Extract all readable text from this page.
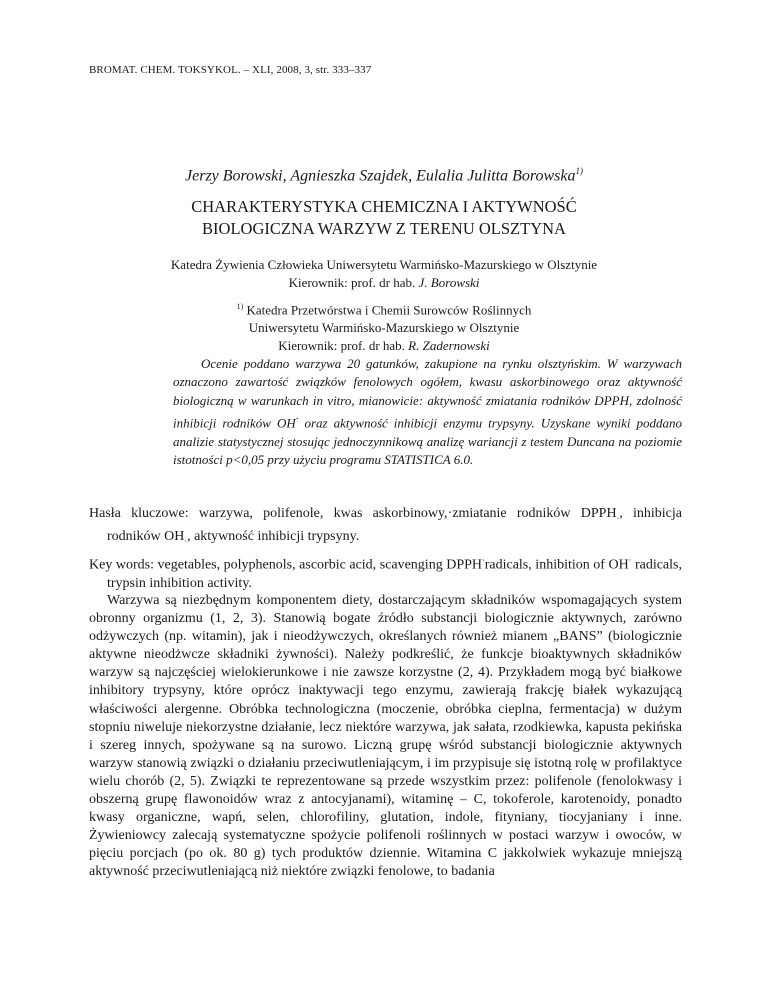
BROMAT. CHEM. TOKSYKOL. – XLI, 2008, 3, str. 333–337
Jerzy Borowski, Agnieszka Szajdek, Eulalia Julitta Borowska$^{1)}$
CHARAKTERYSTYKA CHEMICZNA I AKTYWNOŚĆ
BIOLOGICZNA WARZYW Z TERENU OLSZTYNA
Katedra Żywienia Człowieka Uniwersytetu Warmińsko-Mazurskiego w Olsztynie
Kierownik: prof. dr hab. J. Borowski
$^{1)}$ Katedra Przetwórstwa i Chemii Surowców Roślinnych
Uniwersytetu Warmińsko-Mazurskiego w Olsztynie
Kierownik: prof. dr hab. R. Zadernowski

Ocenie poddano warzywa 20 gatunków, zakupione na rynku olsztyńskim. W warzywach oznaczono zawartość związków fenolowych ogółem, kwasu askorbinowego oraz aktywność biologiczną w warunkach in vitro, mianowicie: aktywność zmiatania rodników DPPH, zdolność inhibicji rodników OH· oraz aktywność inhibicji enzymu trypsyny. Uzyskane wyniki poddano analizie statystycznej stosując jednoczynnikową analizę wariancji z testem Duncana na poziomie istotności p<0,05 przy użyciu programu STATISTICA 6.0.

Hasła kluczowe: warzywa, polifenole, kwas askorbinowy,·zmiatanie rodników $DPPH_\cdot$, inhibicja rodników $OH_\cdot$, aktywność inhibicji trypsyny.

Key words: vegetables, polyphenols, ascorbic acid, scavenging DPPH·radicals, inhibition of OH· radicals, trypsin inhibition activity.

Warzywa są niezbędnym komponentem diety, dostarczającym składników wspomagających system obronny organizmu (1, 2, 3). Stanowią bogate źródło substancji biologicznie aktywnych, zarówno odżywczych (np. witamin), jak i nieodżywczych, określanych również mianem „BANS” (biologicznie aktywne nieodżwcze składniki żywności). Należy podkreślić, że funkcje bioaktywnych składników warzyw są najczęściej wielokierunkowe i nie zawsze korzystne (2, 4). Przykładem mogą być białkowe inhibitory trypsyny, które oprócz inaktywacji tego enzymu, zawierają frakcję białek wykazującą właściwości alergenne. Obróbka technologiczna (moczenie, obróbka cieplna, fermentacja) w dużym stopniu niweluje niekorzystne działanie, lecz niektóre warzywa, jak sałata, rzodkiewka, kapusta pekińska i szereg innych, spożywane są na surowo. Liczną grupę wśród substancji biologicznie aktywnych warzyw stanowią związki o działaniu przeciwutleniającym, i im przypisuje się istotną rolę w profilaktyce wielu chorób (2, 5). Związki te reprezentowane są przede wszystkim przez: polifenole (fenolokwasy i obszerną grupę flawonoidów wraz z antocyjanami), witaminę – C, tokoferole, karotenoidy, ponadto kwasy organiczne, wapń, selen, chlorofiliny, glutation, indole, fityniany, tiocyjaniany i inne. Żywieniowcy zalecają systematyczne spożycie polifenoli roślinnych w postaci warzyw i owoców, w pięciu porcjach (po ok. 80 g) tych produktów dziennie. Witamina C jakkolwiek wykazuje mniejszą aktywność przeciwutleniającą niż niektóre związki fenolowe, to badania
